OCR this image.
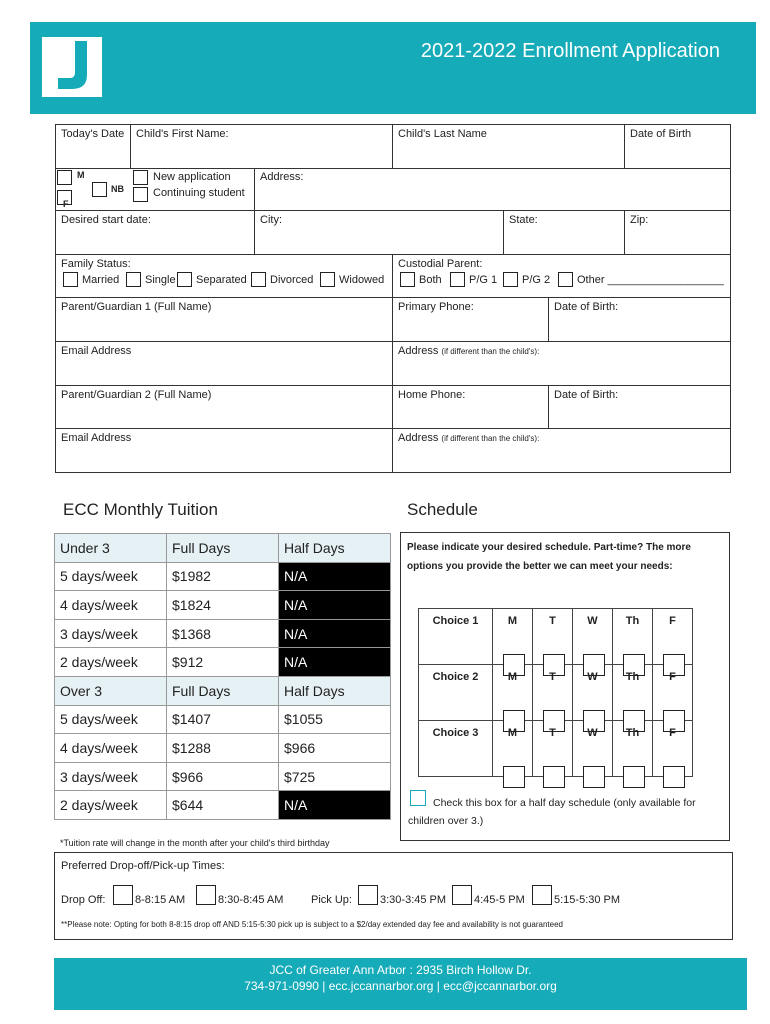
2021-2022 Enrollment Application
Today's Date	Child's First Name:	Child's Last Name	Date of Birth
M
NB
F
New application
Continuing student
Address:
Desired start date:	City:	State:	Zip:
Family Status:
Married Single Separated Divorced Widowed
Custodial Parent:
Both P/G 1 P/G 2 Other ___________________
Parent/Guardian 1 (Full Name)	Primary Phone:	Date of Birth:
Email Address	Address (if different than the child's):
Parent/Guardian 2 (Full Name)	Home Phone:	Date of Birth:
Email Address	Address (if different than the child's):
ECC Monthly Tuition
Under 3	Full Days	Half Days
5 days/week	$1982	N/A
4 days/week	$1824	N/A
3 days/week	$1368	N/A
2 days/week	$912	N/A
Over 3	Full Days	Half Days
5 days/week	$1407	$1055
4 days/week	$1288	$966
3 days/week	$966	$725
2 days/week	$644	N/A
*Tuition rate will change in the month after your child's third birthday
Schedule
Please indicate your desired schedule. Part-time? The more options you provide the better we can meet your needs:
Choice 1	M	T	W	Th	F

Choice 2	M	T	W	Th	F

Choice 3	M	T	W	Th	F
Check this box for a half day schedule (only available for children over 3.)
Preferred Drop-off/Pick-up Times:
Drop Off:	8-8:15 AM	8:30-8:45 AM	Pick Up:	3:30-3:45 PM	4:45-5 PM	5:15-5:30 PM
**Please note: Opting for both 8-8:15 drop off AND 5:15-5:30 pick up is subject to a $2/day extended day fee and availability is not guaranteed
JCC of Greater Ann Arbor : 2935 Birch Hollow Dr.
734-971-0990 | ecc.jccannarbor.org | ecc@jccannarbor.org
